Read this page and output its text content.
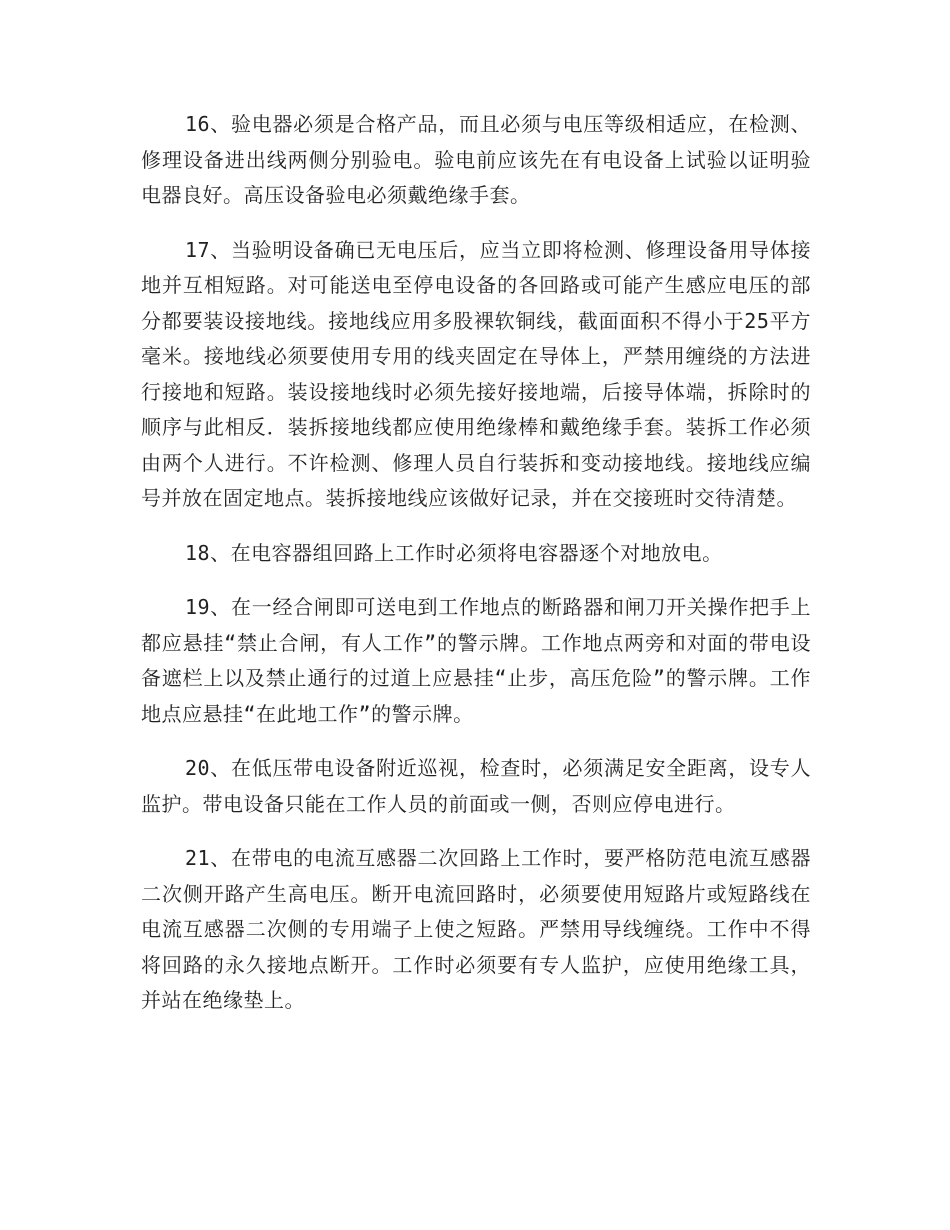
16、验电器必须是合格产品，而且必须与电压等级相适应，在检测、修理设备进出线两侧分别验电。验电前应该先在有电设备上试验以证明验电器良好。高压设备验电必须戴绝缘手套。

17、当验明设备确已无电压后，应当立即将检测、修理设备用导体接地并互相短路。对可能送电至停电设备的各回路或可能产生感应电压的部分都要装设接地线。接地线应用多股裸软铜线，截面面积不得小于25平方毫米。接地线必须要使用专用的线夹固定在导体上，严禁用缠绕的方法进行接地和短路。装设接地线时必须先接好接地端，后接导体端，拆除时的顺序与此相反．装拆接地线都应使用绝缘棒和戴绝缘手套。装拆工作必须由两个人进行。不许检测、修理人员自行装拆和变动接地线。接地线应编号并放在固定地点。装拆接地线应该做好记录，并在交接班时交待清楚。

18、在电容器组回路上工作时必须将电容器逐个对地放电。

19、在一经合闸即可送电到工作地点的断路器和闸刀开关操作把手上都应悬挂“禁止合闸，有人工作”的警示牌。工作地点两旁和对面的带电设备遮栏上以及禁止通行的过道上应悬挂“止步，高压危险”的警示牌。工作地点应悬挂“在此地工作”的警示牌。

20、在低压带电设备附近巡视，检查时，必须满足安全距离，设专人监护。带电设备只能在工作人员的前面或一侧，否则应停电进行。

21、在带电的电流互感器二次回路上工作时，要严格防范电流互感器二次侧开路产生高电压。断开电流回路时，必须要使用短路片或短路线在电流互感器二次侧的专用端子上使之短路。严禁用导线缠绕。工作中不得将回路的永久接地点断开。工作时必须要有专人监护，应使用绝缘工具，并站在绝缘垫上。
